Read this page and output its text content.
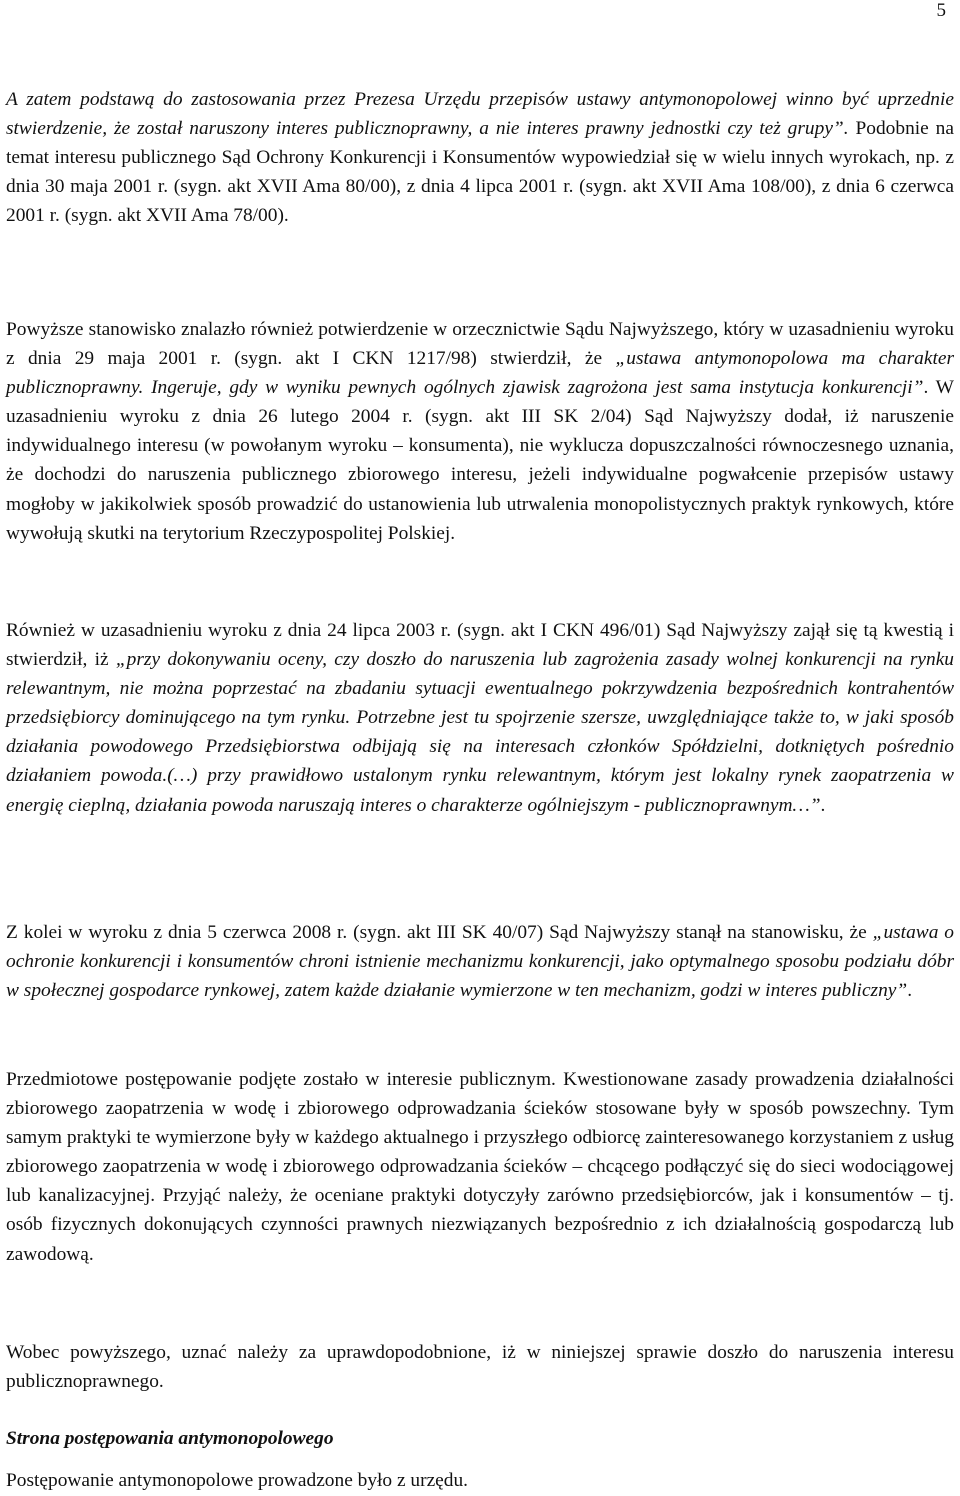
5

A zatem podstawą do zastosowania przez Prezesa Urzędu przepisów ustawy antymonopolowej winno być uprzednie stwierdzenie, że został naruszony interes publicznoprawny, a nie interes prawny jednostki czy też grupy”. Podobnie na temat interesu publicznego Sąd Ochrony Konkurencji i Konsumentów wypowiedział się w wielu innych wyrokach, np. z dnia 30 maja 2001 r. (sygn. akt XVII Ama 80/00), z dnia 4 lipca 2001 r. (sygn. akt XVII Ama 108/00), z dnia 6 czerwca 2001 r. (sygn. akt XVII Ama 78/00).

Powyższe stanowisko znalazło również potwierdzenie w orzecznictwie Sądu Najwyższego, który w uzasadnieniu wyroku z dnia 29 maja 2001 r. (sygn. akt I CKN 1217/98) stwierdził, że „ustawa antymonopolowa ma charakter publicznoprawny. Ingeruje, gdy w wyniku pewnych ogólnych zjawisk zagrożona jest sama instytucja konkurencji”. W uzasadnieniu wyroku z dnia 26 lutego 2004 r. (sygn. akt III SK 2/04) Sąd Najwyższy dodał, iż naruszenie indywidualnego interesu (w powołanym wyroku – konsumenta), nie wyklucza dopuszczalności równoczesnego uznania, że dochodzi do naruszenia publicznego zbiorowego interesu, jeżeli indywidualne pogwałcenie przepisów ustawy mogłoby w jakikolwiek sposób prowadzić do ustanowienia lub utrwalenia monopolistycznych praktyk rynkowych, które wywołują skutki na terytorium Rzeczypospolitej Polskiej.

Również w uzasadnieniu wyroku z dnia 24 lipca 2003 r. (sygn. akt I CKN 496/01) Sąd Najwyższy zajął się tą kwestią i stwierdził, iż „przy dokonywaniu oceny, czy doszło do naruszenia lub zagrożenia zasady wolnej konkurencji na rynku relewantnym, nie można poprzestać na zbadaniu sytuacji ewentualnego pokrzywdzenia bezpośrednich kontrahentów przedsiębiorcy dominującego na tym rynku. Potrzebne jest tu spojrzenie szersze, uwzględniające także to, w jaki sposób działania powodowego Przedsiębiorstwa odbijają się na interesach członków Spółdzielni, dotkniętych pośrednio działaniem powoda.(…) przy prawidłowo ustalonym rynku relewantnym, którym jest lokalny rynek zaopatrzenia w energię cieplną, działania powoda naruszają interes o charakterze ogólniejszym - publicznoprawnym…”.

Z kolei w wyroku z dnia 5 czerwca 2008 r. (sygn. akt III SK 40/07) Sąd Najwyższy stanął na stanowisku, że „ustawa o ochronie konkurencji i konsumentów chroni istnienie mechanizmu konkurencji, jako optymalnego sposobu podziału dóbr w społecznej gospodarce rynkowej, zatem każde działanie wymierzone w ten mechanizm, godzi w interes publiczny”.

Przedmiotowe postępowanie podjęte zostało w interesie publicznym. Kwestionowane zasady prowadzenia działalności zbiorowego zaopatrzenia w wodę i zbiorowego odprowadzania ścieków stosowane były w sposób powszechny. Tym samym praktyki te wymierzone były w każdego aktualnego i przyszłego odbiorcę zainteresowanego korzystaniem z usług zbiorowego zaopatrzenia w wodę i zbiorowego odprowadzania ścieków – chcącego podłączyć się do sieci wodociągowej lub kanalizacyjnej. Przyjąć należy, że oceniane praktyki dotyczyły zarówno przedsiębiorców, jak i konsumentów – tj. osób fizycznych dokonujących czynności prawnych niezwiązanych bezpośrednio z ich działalnością gospodarczą lub zawodową.

Wobec powyższego, uznać należy za uprawdopodobnione, iż w niniejszej sprawie doszło do naruszenia interesu publicznoprawnego.

Strona postępowania antymonopolowego

Postępowanie antymonopolowe prowadzone było z urzędu.
